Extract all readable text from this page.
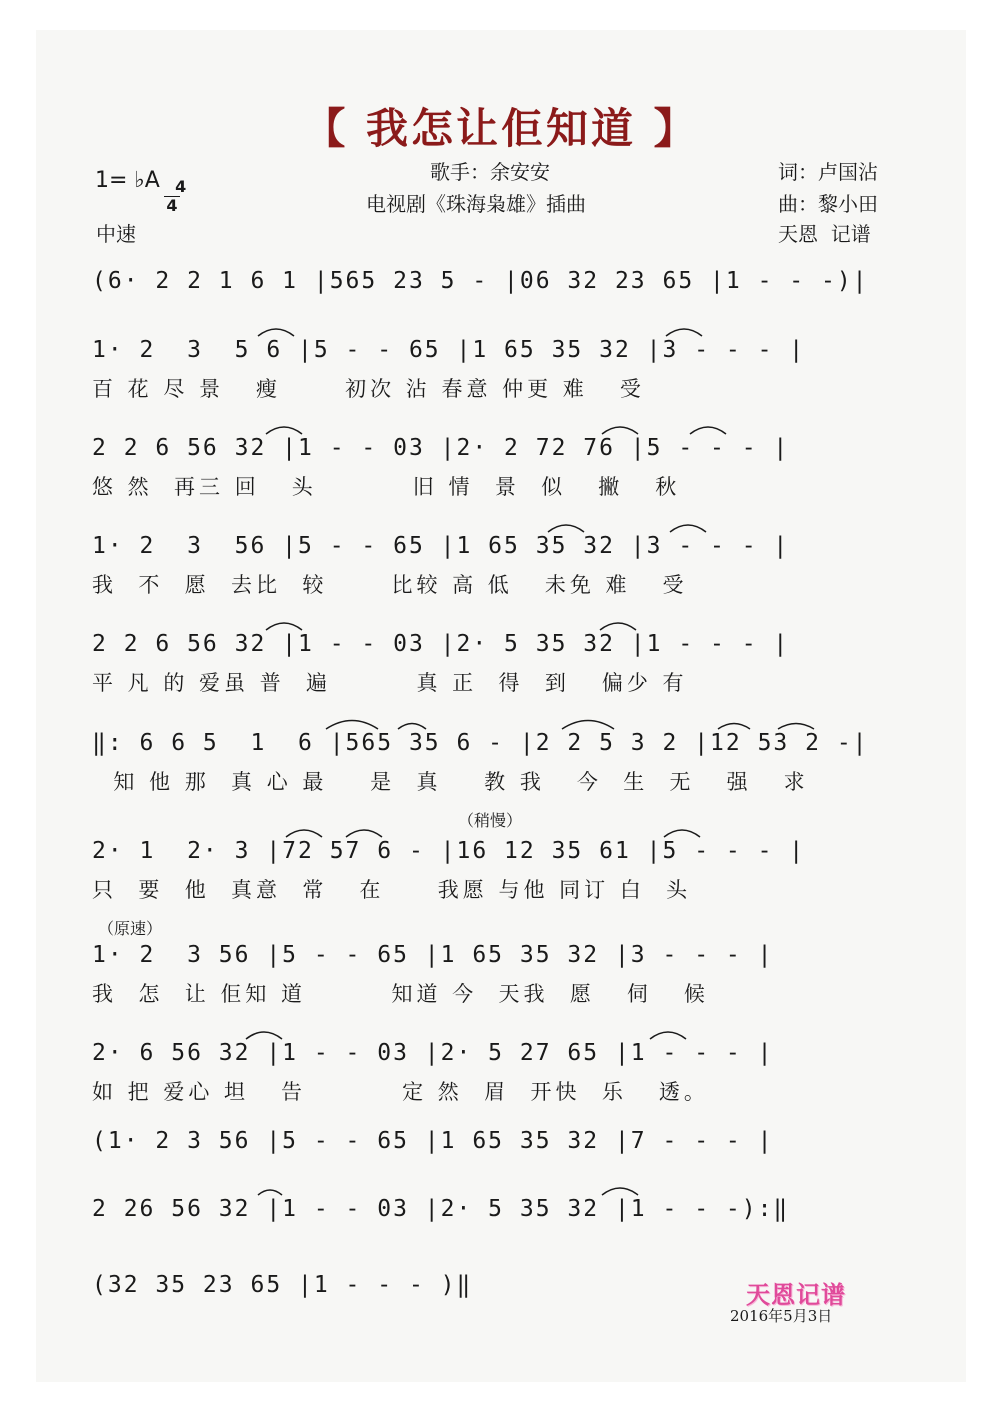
【 我怎让佢知道 】
1= ♭A 4
4

歌手：余安安
电视剧《珠海枭雄》插曲
中速
词：卢国沾
曲：黎小田
天恩  记谱
(6· 2 2 1 6 1 |565 23 5 - |06 32 23 65 |1 - - -)|
1· 2  3  5 6 |5 - - 65 |1 65 35 32 |3 - - - |
百 花 尽 景   瘦      初次 沾 春意 仲更 难   受
2 2 6 56 32 |1 - - 03 |2· 2 72 76 |5 - - - |
悠 然  再三 回   头         旧 情  景  似   撇   秋
1· 2  3  56 |5 - - 65 |1 65 35 32 |3 - - - |
我  不  愿  去比  较      比较 高 低   未免 难   受
2 2 6 56 32 |1 - - 03 |2· 5 35 32 |1 - - - |
平 凡 的 爱虽 普  遍        真 正  得  到   偏少 有
‖: 6 6 5  1  6 |565 35 6 - |2 2 5 3 2 |12 53 2 -|
知 他 那  真 心 最    是  真    教 我   今  生  无   强   求
（稍慢）
2· 1  2· 3 |72 57 6 - |16 12 35 61 |5 - - - |
只  要  他  真意  常   在     我愿 与他 同订 白  头
（原速）
1· 2  3 56 |5 - - 65 |1 65 35 32 |3 - - - |
我  怎  让 佢知 道        知道 今  天我  愿   伺   候
2· 6 56 32 |1 - - 03 |2· 5 27 65 |1 - - - |
如 把 爱心 坦   告         定 然  眉  开快  乐   透。
(1· 2 3 56 |5 - - 65 |1 65 35 32 |7 - - - |
2 26 56 32 |1 - - 03 |2· 5 35 32 |1 - - -):‖
(32 35 23 65 |1 - - - )‖	天恩记谱
2016年5月3日
